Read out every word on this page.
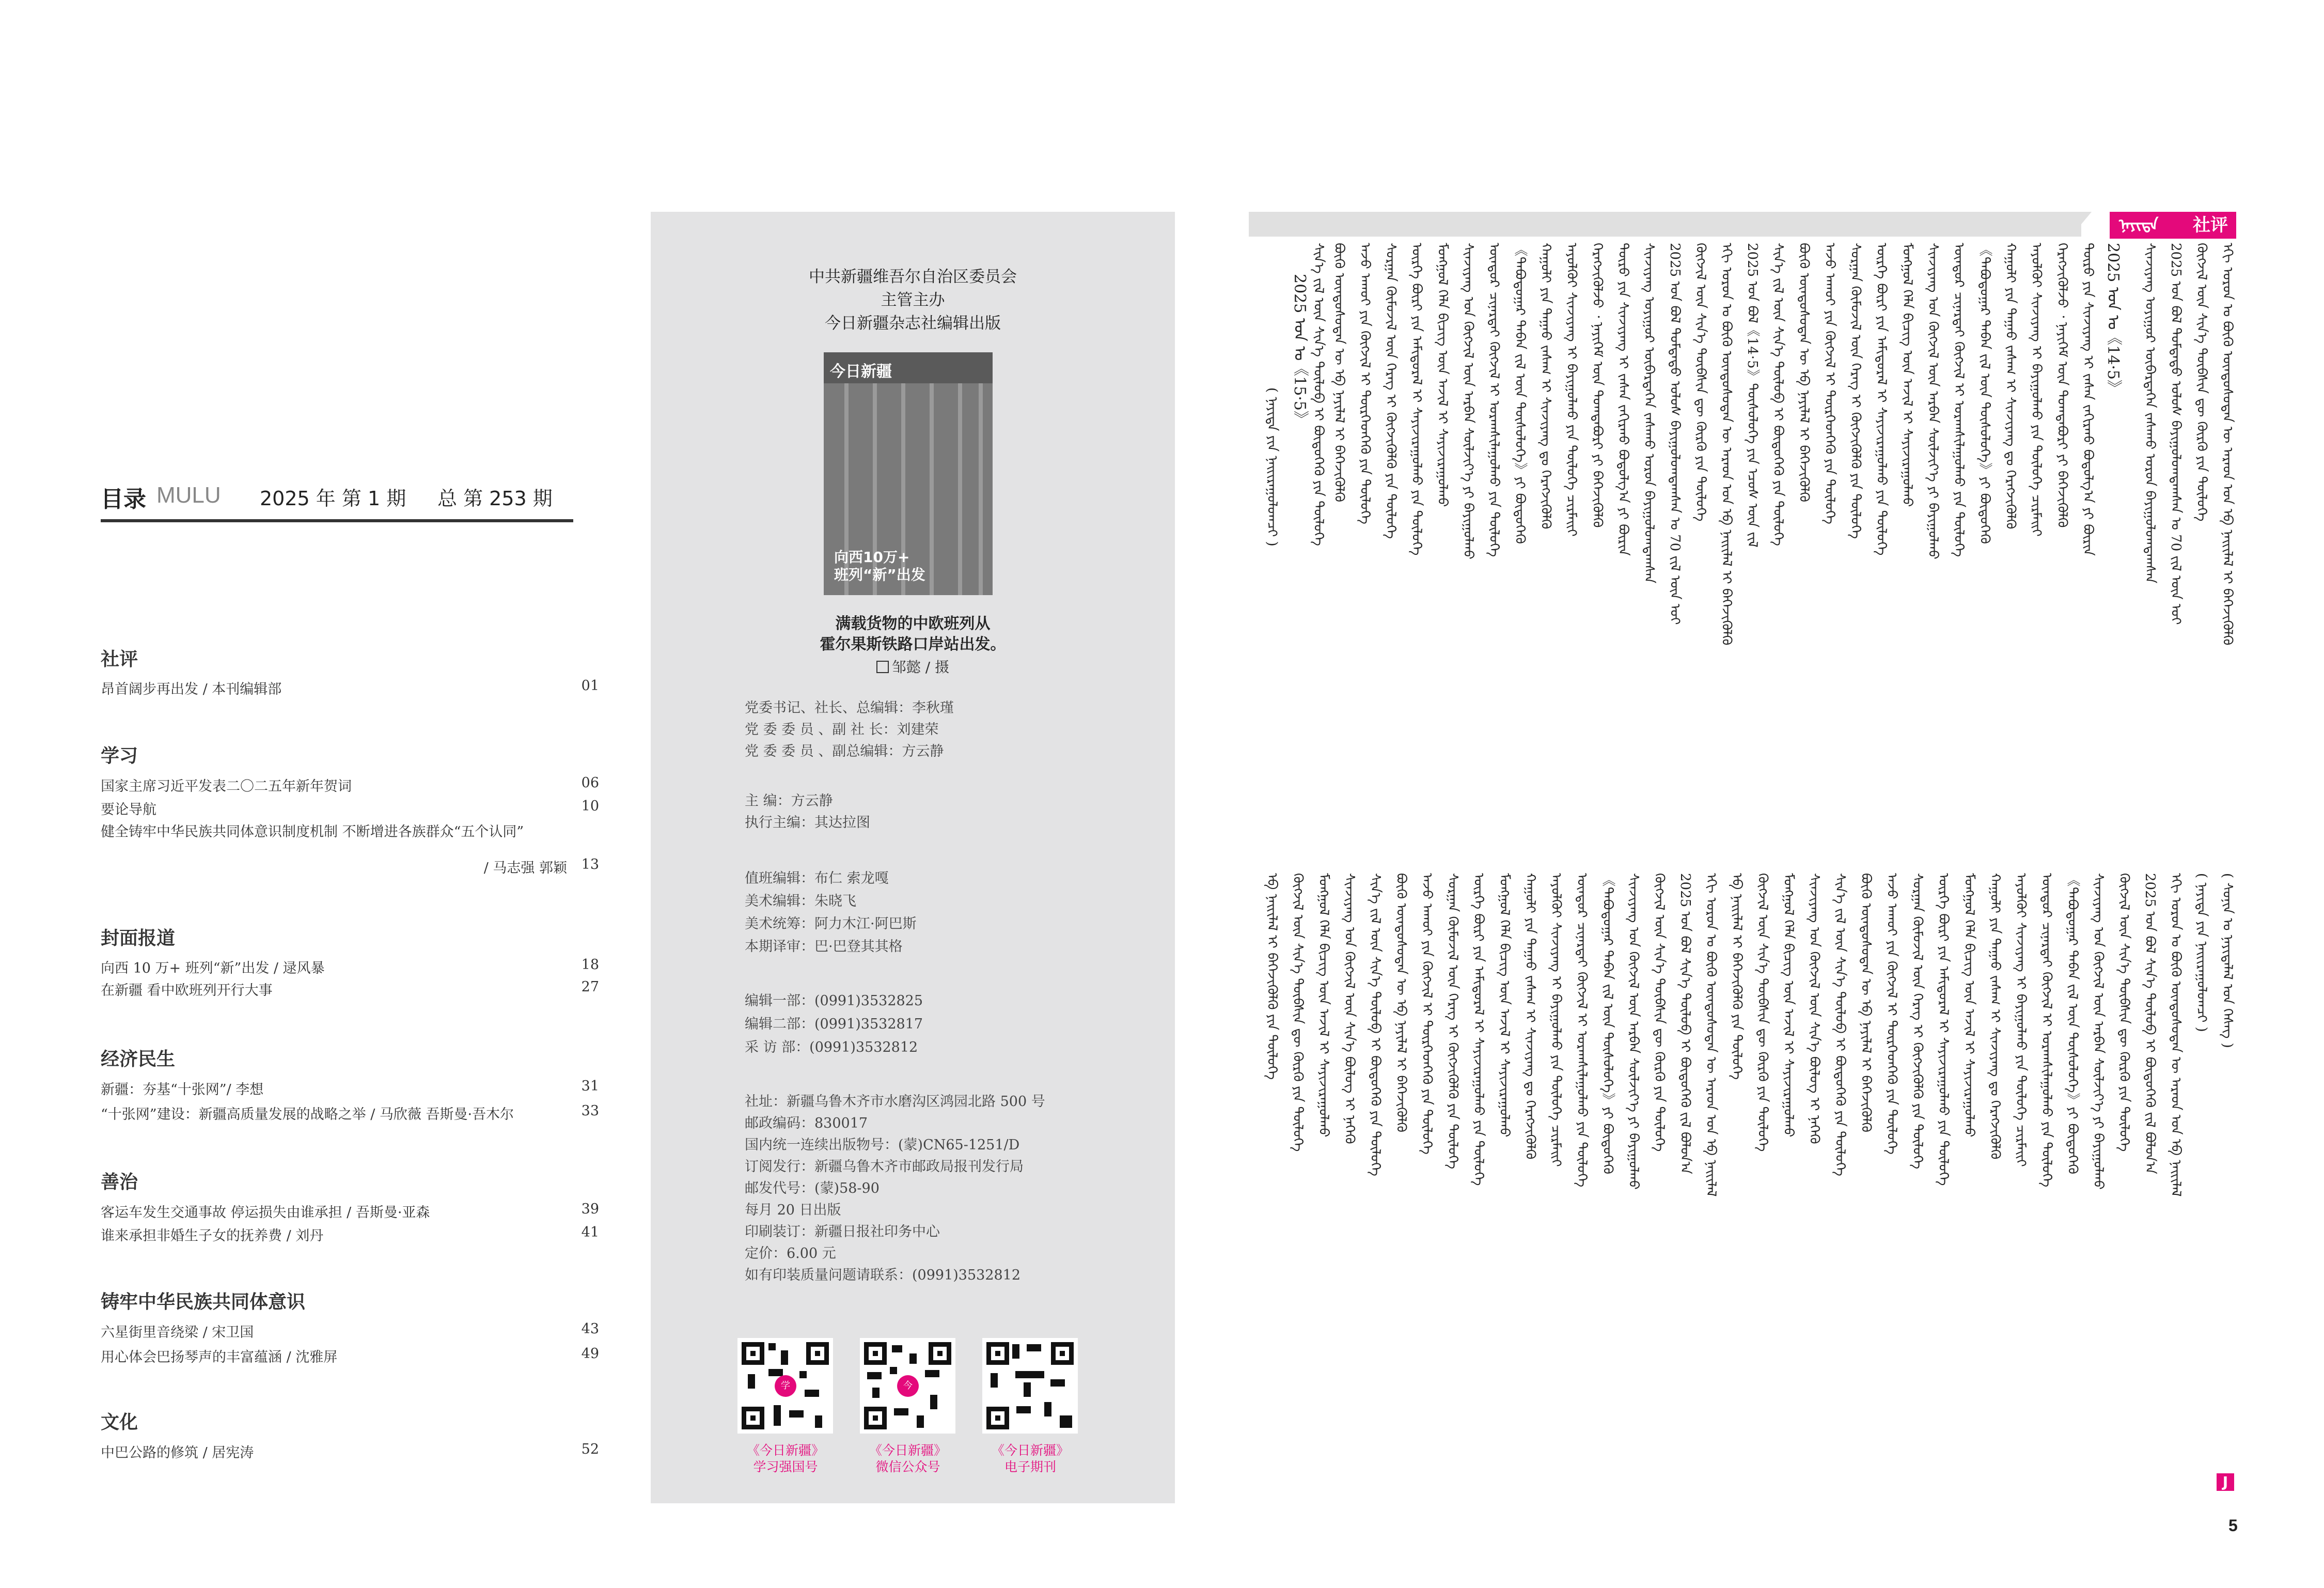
目录 MULU 2025 年 第 1 期 总 第 253 期
社评
昂首阔步再出发 / 本刊编辑部	01
学习
国家主席习近平发表二〇二五年新年贺词	06
要论导航	10
健全铸牢中华民族共同体意识制度机制 不断增进各族群众“五个认同”
/ 马志强 郭颖 13
封面报道
向西 10 万+ 班列“新”出发 / 逯风暴	18
在新疆 看中欧班列开行大事	27
经济民生
新疆：夯基“十张网”/ 李想	31
“十张网”建设：新疆高质量发展的战略之举 / 马欣薇 吾斯曼·吾木尔	33
善治
客运车发生交通事故 停运损失由谁承担 / 吾斯曼·亚森	39
谁来承担非婚生子女的抚养费 / 刘丹	41
铸牢中华民族共同体意识
六星街里音绕梁 / 宋卫国	43
用心体会巴扬琴声的丰富蕴涵 / 沈雅屏	49
文化
中巴公路的修筑 / 居宪涛	52
中共新疆维吾尔自治区委员会
主管主办
今日新疆杂志社编辑出版
今日新疆
向西10万+
班列“新”出发
满载货物的中欧班列从
霍尔果斯铁路口岸站出发。
邹懿 / 摄
党委书记、社长、总编辑：李秋瑾
党 委 委 员 、副 社 长：刘建荣
党 委 委 员 、副总编辑：方云静
主 编：方云静
执行主编：其达拉图
值班编辑：布仁 索龙嘎
美术编辑：朱晓飞
美术统筹：阿力木江·阿巴斯
本期译审：巴·巴登其其格
编辑一部：(0991)3532825
编辑二部：(0991)3532817
采 访 部：(0991)3532812
社址：新疆乌鲁木齐市水磨沟区鸿园北路 500 号
邮政编码：830017
国内统一连续出版物号：(蒙)CN65-1251/D
订阅发行：新疆乌鲁木齐市邮政局报刊发行局
邮发代号：(蒙)58-90
每月 20 日出版
印刷装订：新疆日报社印务中心
定价：6.00 元
如有印装质量问题请联系：(0991)3532812
学	今
《今日新疆》
学习强国号
《今日新疆》
微信公众号
《今日新疆》
电子期刊
ᠨᠡᠶᠢᠲᠡ 社评
ᠡᠬᠢ ᠣᠷᠣᠨ ᠤ ᠪᠦᠬᠦ ᠦᠨᠳᠦᠰᠦᠲᠡᠨ ᠦ ᠠᠷᠠᠳ ᠤᠨ ᠡᠪ ᠨᠡᠢᠢᠯᠡᠯ ᠢ ᠪᠡᠬᠡᠵᠢᠭᠦᠯᠬᠦ
ᠬᠥᠭᠵᠢᠯ ᠦᠨ ᠰᠢᠨ᠎ᠡ ᠲᠦᠪᠰᠢᠨ ᠳᠦ ᠬᠦᠷᠬᠦ ᠶᠢᠨ ᠲᠥᠯᠥᠭᠡ
2025 ᠣᠨ ᠤ《14·5》	2025 ᠣᠨ ᠪᠣᠯ ᠳᠤᠮᠳᠠᠳᠤ ᠤᠯᠤᠰ ᠪᠠᠶᠢᠭᠤᠯᠤᠭᠳᠠᠭᠰᠠᠨ ᠤ 70 ᠵᠢᠯ ᠦᠨ ᠣᠢ
ᠰᠢᠨᠵᠢᠶᠠᠩ ᠤᠶᠢᠭᠤᠷ ᠥᠪᠡᠷᠲᠡᠭᠡᠨ ᠵᠠᠰᠠᠬᠤ ᠣᠷᠣᠨ ᠪᠠᠶᠢᠭᠤᠯᠤᠭᠳᠠᠭᠰᠠᠨ
ᠲᠥᠷᠦ ᠶᠢᠨ ᠰᠢᠨᠵᠢᠶᠠᠩ ᠢ ᠵᠠᠰᠠᠨ ᠵᠠᠬᠢᠷᠬᠤ ᠪᠣᠳᠤᠯᠭ᠎ᠠ ᠶᠢ ᠪᠦᠷᠢᠨ
ᠬᠡᠷᠡᠭᠵᠢᠭᠦᠯᠵᠦ ᠂ ᠨᠡᠶᠢᠭᠡᠮ ᠦᠨ ᠲᠣᠭᠲᠠᠪᠤᠷᠢ ᠶᠢ ᠪᠡᠬᠡᠵᠢᠭᠦᠯᠬᠦ
ᠠᠶᠤᠯᠭᠦᠢ ᠰᠢᠨᠵᠢᠶᠠᠩ ᠢ ᠪᠠᠶᠢᠭᠤᠯᠬᠤ ᠶᠢᠨ ᠲᠥᠯᠥᠭᠡ ᠴᠢᠷᠮᠠᠢᠢ
ᠬᠠᠭᠤᠯᠢ ᠶᠢᠨ ᠳᠠᠭᠠᠤ ᠵᠠᠰᠠᠭ ᠢ ᠰᠢᠨᠵᠢᠶᠠᠩ ᠳᠤ ᠬᠡᠷᠡᠭᠵᠢᠭᠦᠯᠬᠦ
《ᠲᠠᠪᠤᠳᠤᠭᠠᠷ ᠲᠠᠪᠠᠨ ᠵᠢᠯ ᠦᠨ ᠲᠥᠰᠦᠯᠦᠭᠡ》ᠶᠢ ᠪᠦᠲᠦᠭᠡᠬᠦ
ᠥᠨᠳᠦᠷ ᠴᠢᠨᠠᠷᠲᠠᠢ ᠬᠥᠭᠵᠢᠯ ᠢ ᠤᠷᠠᠭᠰᠢᠯᠠᠭᠤᠯᠬᠤ ᠶᠢᠨ ᠲᠥᠯᠥᠭᠡ
ᠰᠢᠨᠵᠢᠶᠠᠩ ᠤᠨ ᠬᠥᠭᠵᠢᠯ ᠦᠨ ᠠᠷᠪᠠᠨ ᠰᠦᠯᠵᠢᠶ᠎ᠡ ᠶᠢ ᠪᠠᠶᠢᠭᠤᠯᠬᠤ
ᠮᠣᠩᠭᠣᠯ ᠬᠡᠯᠡ ᠪᠢᠴᠢᠭ ᠦᠨ ᠠᠵᠢᠯ ᠢ ᠰᠠᠶᠢᠵᠢᠷᠠᠭᠤᠯᠬᠤ
ᠥᠷᠬᠡ ᠪᠦᠷᠢ ᠶᠢᠨ ᠠᠮᠢᠳᠤᠷᠠᠯ ᠢ ᠰᠠᠶᠢᠵᠢᠷᠠᠭᠤᠯᠬᠤ ᠶᠢᠨ ᠲᠥᠯᠥᠭᠡ
ᠰᠤᠷᠭᠠᠨ ᠬᠦᠮᠦᠵᠢᠯ ᠦᠨ ᠬᠡᠷᠡᠭ ᠢ ᠬᠥᠭᠵᠢᠭᠦᠯᠬᠦ ᠶᠢᠨ ᠲᠥᠯᠥᠭᠡ
ᠠᠵᠤ ᠠᠬᠤᠢ ᠶᠢᠨ ᠬᠥᠭᠵᠢᠯ ᠢ ᠲᠦᠷᠭᠡᠳᠬᠡᠬᠦ ᠶᠢᠨ ᠲᠥᠯᠥᠭᠡ
ᠪᠦᠬᠦ ᠦᠨᠳᠦᠰᠦᠲᠡᠨ ᠦ ᠡᠪ ᠨᠡᠶᠢᠯᠡᠯ ᠢ ᠪᠡᠬᠡᠵᠢᠭᠦᠯᠬᠦ
ᠰᠢᠨ᠎ᠡ ᠵᠢᠯ ᠦᠨ ᠰᠢᠨ᠎ᠡ ᠲᠥᠯᠥᠪ ᠢ ᠪᠦᠲᠦᠭᠡᠬᠦ ᠶᠢᠨ ᠲᠥᠯᠥᠭᠡ
2025 ᠣᠨ ᠪᠣᠯ《14·5》ᠲᠥᠰᠦᠯᠦᠭᠡ ᠶᠢᠨ ᠡᠴᠦᠰ ᠦᠨ ᠵᠢᠯ
ᠡᠬᠢ ᠣᠷᠣᠨ ᠤ ᠪᠦᠬᠦ ᠦᠨᠳᠦᠰᠦᠲᠡᠨ ᠦ ᠠᠷᠠᠳ ᠤᠨ ᠡᠪ ᠨᠡᠢᠢᠯᠡᠯ ᠢ ᠪᠡᠬᠡᠵᠢᠭᠦᠯᠬᠦ
ᠬᠥᠭᠵᠢᠯ ᠦᠨ ᠰᠢᠨ᠎ᠡ ᠲᠦᠪᠰᠢᠨ ᠳᠦ ᠬᠦᠷᠬᠦ ᠶᠢᠨ ᠲᠥᠯᠥᠭᠡ
2025 ᠣᠨ ᠪᠣᠯ ᠳᠤᠮᠳᠠᠳᠤ ᠤᠯᠤᠰ ᠪᠠᠶᠢᠭᠤᠯᠤᠭᠳᠠᠭᠰᠠᠨ ᠤ 70 ᠵᠢᠯ ᠦᠨ ᠣᠢ
ᠰᠢᠨᠵᠢᠶᠠᠩ ᠤᠶᠢᠭᠤᠷ ᠥᠪᠡᠷᠲᠡᠭᠡᠨ ᠵᠠᠰᠠᠬᠤ ᠣᠷᠣᠨ ᠪᠠᠶᠢᠭᠤᠯᠤᠭᠳᠠᠭᠰᠠᠨ
ᠲᠥᠷᠦ ᠶᠢᠨ ᠰᠢᠨᠵᠢᠶᠠᠩ ᠢ ᠵᠠᠰᠠᠨ ᠵᠠᠬᠢᠷᠬᠤ ᠪᠣᠳᠤᠯᠭ᠎ᠠ ᠶᠢ ᠪᠦᠷᠢᠨ
ᠬᠡᠷᠡᠭᠵᠢᠭᠦᠯᠵᠦ ᠂ ᠨᠡᠶᠢᠭᠡᠮ ᠦᠨ ᠲᠣᠭᠲᠠᠪᠤᠷᠢ ᠶᠢ ᠪᠡᠬᠡᠵᠢᠭᠦᠯᠬᠦ
ᠠᠶᠤᠯᠭᠦᠢ ᠰᠢᠨᠵᠢᠶᠠᠩ ᠢ ᠪᠠᠶᠢᠭᠤᠯᠬᠤ ᠶᠢᠨ ᠲᠥᠯᠥᠭᠡ ᠴᠢᠷᠮᠠᠢᠢ
ᠬᠠᠭᠤᠯᠢ ᠶᠢᠨ ᠳᠠᠭᠠᠤ ᠵᠠᠰᠠᠭ ᠢ ᠰᠢᠨᠵᠢᠶᠠᠩ ᠳᠤ ᠬᠡᠷᠡᠭᠵᠢᠭᠦᠯᠬᠦ
《ᠲᠠᠪᠤᠳᠤᠭᠠᠷ ᠲᠠᠪᠠᠨ ᠵᠢᠯ ᠦᠨ ᠲᠥᠰᠦᠯᠦᠭᠡ》ᠶᠢ ᠪᠦᠲᠦᠭᠡᠬᠦ
ᠥᠨᠳᠦᠷ ᠴᠢᠨᠠᠷᠲᠠᠢ ᠬᠥᠭᠵᠢᠯ ᠢ ᠤᠷᠠᠭᠰᠢᠯᠠᠭᠤᠯᠬᠤ ᠶᠢᠨ ᠲᠥᠯᠥᠭᠡ
ᠰᠢᠨᠵᠢᠶᠠᠩ ᠤᠨ ᠬᠥᠭᠵᠢᠯ ᠦᠨ ᠠᠷᠪᠠᠨ ᠰᠦᠯᠵᠢᠶ᠎ᠡ ᠶᠢ ᠪᠠᠶᠢᠭᠤᠯᠬᠤ
ᠮᠣᠩᠭᠣᠯ ᠬᠡᠯᠡ ᠪᠢᠴᠢᠭ ᠦᠨ ᠠᠵᠢᠯ ᠢ ᠰᠠᠶᠢᠵᠢᠷᠠᠭᠤᠯᠬᠤ
ᠥᠷᠬᠡ ᠪᠦᠷᠢ ᠶᠢᠨ ᠠᠮᠢᠳᠤᠷᠠᠯ ᠢ ᠰᠠᠶᠢᠵᠢᠷᠠᠭᠤᠯᠬᠤ ᠶᠢᠨ ᠲᠥᠯᠥᠭᠡ
ᠰᠤᠷᠭᠠᠨ ᠬᠦᠮᠦᠵᠢᠯ ᠦᠨ ᠬᠡᠷᠡᠭ ᠢ ᠬᠥᠭᠵᠢᠭᠦᠯᠬᠦ ᠶᠢᠨ ᠲᠥᠯᠥᠭᠡ
ᠠᠵᠤ ᠠᠬᠤᠢ ᠶᠢᠨ ᠬᠥᠭᠵᠢᠯ ᠢ ᠲᠦᠷᠭᠡᠳᠬᠡᠬᠦ ᠶᠢᠨ ᠲᠥᠯᠥᠭᠡ
2025 ᠣᠨ ᠤ《15·5》	ᠪᠦᠬᠦ ᠦᠨᠳᠦᠰᠦᠲᠡᠨ ᠦ ᠡᠪ ᠨᠡᠶᠢᠯᠡᠯ ᠢ ᠪᠡᠬᠡᠵᠢᠭᠦᠯᠬᠦ
ᠰᠢᠨ᠎ᠡ ᠵᠢᠯ ᠦᠨ ᠰᠢᠨ᠎ᠡ ᠲᠥᠯᠥᠪ ᠢ ᠪᠦᠲᠦᠭᠡᠬᠦ ᠶᠢᠨ ᠲᠥᠯᠥᠭᠡ
( ᠨᠡᠶᠢᠲᠡ ᠶᠢᠨ ᠨᠠᠢᠢᠷᠠᠭᠤᠯᠤᠭᠴᠢ )
( ᠰᠣᠨᠢᠨ ᠤ ᠨᠡᠶᠢᠲᠡᠯᠡᠯ ᠤᠨ ᠬᠡᠰᠡᠭ )
( ᠨᠡᠶᠢᠲᠡ ᠶᠢᠨ ᠨᠠᠢᠢᠷᠠᠭᠤᠯᠤᠭᠴᠢ )
ᠡᠬᠢ ᠣᠷᠣᠨ ᠤ ᠪᠦᠬᠦ ᠦᠨᠳᠦᠰᠦᠲᠡᠨ ᠦ ᠠᠷᠠᠳ ᠤᠨ ᠡᠪ ᠨᠡᠢᠢᠯᠡᠯ
2025 ᠣᠨ ᠪᠣᠯ ᠰᠢᠨ᠎ᠡ ᠲᠥᠯᠥᠪ ᠢ ᠪᠦᠲᠦᠭᠡᠬᠦ ᠵᠢᠯ ᠪᠣᠯᠤᠨ᠎ᠠ
ᠬᠥᠭᠵᠢᠯ ᠦᠨ ᠰᠢᠨ᠎ᠡ ᠲᠦᠪᠰᠢᠨ ᠳᠦ ᠬᠦᠷᠬᠦ ᠶᠢᠨ ᠲᠥᠯᠥᠭᠡ
ᠰᠢᠨᠵᠢᠶᠠᠩ ᠤᠨ ᠬᠥᠭᠵᠢᠯ ᠦᠨ ᠠᠷᠪᠠᠨ ᠰᠦᠯᠵᠢᠶ᠎ᠡ ᠶᠢ ᠪᠠᠶᠢᠭᠤᠯᠬᠤ
《ᠲᠠᠪᠤᠳᠤᠭᠠᠷ ᠲᠠᠪᠠᠨ ᠵᠢᠯ ᠦᠨ ᠲᠥᠰᠦᠯᠦᠭᠡ》ᠶᠢ ᠪᠦᠲᠦᠭᠡᠬᠦ
ᠥᠨᠳᠦᠷ ᠴᠢᠨᠠᠷᠲᠠᠢ ᠬᠥᠭᠵᠢᠯ ᠢ ᠤᠷᠠᠭᠰᠢᠯᠠᠭᠤᠯᠬᠤ ᠶᠢᠨ ᠲᠥᠯᠥᠭᠡ
ᠠᠶᠤᠯᠭᠦᠢ ᠰᠢᠨᠵᠢᠶᠠᠩ ᠢ ᠪᠠᠶᠢᠭᠤᠯᠬᠤ ᠶᠢᠨ ᠲᠥᠯᠥᠭᠡ ᠴᠢᠷᠮᠠᠢᠢ
ᠬᠠᠭᠤᠯᠢ ᠶᠢᠨ ᠳᠠᠭᠠᠤ ᠵᠠᠰᠠᠭ ᠢ ᠰᠢᠨᠵᠢᠶᠠᠩ ᠳᠤ ᠬᠡᠷᠡᠭᠵᠢᠭᠦᠯᠬᠦ
ᠮᠣᠩᠭᠣᠯ ᠬᠡᠯᠡ ᠪᠢᠴᠢᠭ ᠦᠨ ᠠᠵᠢᠯ ᠢ ᠰᠠᠶᠢᠵᠢᠷᠠᠭᠤᠯᠬᠤ
ᠥᠷᠬᠡ ᠪᠦᠷᠢ ᠶᠢᠨ ᠠᠮᠢᠳᠤᠷᠠᠯ ᠢ ᠰᠠᠶᠢᠵᠢᠷᠠᠭᠤᠯᠬᠤ ᠶᠢᠨ ᠲᠥᠯᠥᠭᠡ
ᠰᠤᠷᠭᠠᠨ ᠬᠦᠮᠦᠵᠢᠯ ᠦᠨ ᠬᠡᠷᠡᠭ ᠢ ᠬᠥᠭᠵᠢᠭᠦᠯᠬᠦ ᠶᠢᠨ ᠲᠥᠯᠥᠭᠡ
ᠠᠵᠤ ᠠᠬᠤᠢ ᠶᠢᠨ ᠬᠥᠭᠵᠢᠯ ᠢ ᠲᠦᠷᠭᠡᠳᠬᠡᠬᠦ ᠶᠢᠨ ᠲᠥᠯᠥᠭᠡ
ᠪᠦᠬᠦ ᠦᠨᠳᠦᠰᠦᠲᠡᠨ ᠦ ᠡᠪ ᠨᠡᠶᠢᠯᠡᠯ ᠢ ᠪᠡᠬᠡᠵᠢᠭᠦᠯᠬᠦ
ᠰᠢᠨ᠎ᠡ ᠵᠢᠯ ᠦᠨ ᠰᠢᠨ᠎ᠡ ᠲᠥᠯᠥᠪ ᠢ ᠪᠦᠲᠦᠭᠡᠬᠦ ᠶᠢᠨ ᠲᠥᠯᠥᠭᠡ
ᠰᠢᠨᠵᠢᠶᠠᠩ ᠤᠨ ᠬᠥᠭᠵᠢᠯ ᠦᠨ ᠰᠢᠨ᠎ᠡ ᠪᠦᠯᠦᠭ ᠢ ᠨᠡᠬᠡᠬᠦ
ᠮᠣᠩᠭᠣᠯ ᠬᠡᠯᠡ ᠪᠢᠴᠢᠭ ᠦᠨ ᠠᠵᠢᠯ ᠢ ᠰᠠᠶᠢᠵᠢᠷᠠᠭᠤᠯᠬᠤ
ᠬᠥᠭᠵᠢᠯ ᠦᠨ ᠰᠢᠨ᠎ᠡ ᠲᠦᠪᠰᠢᠨ ᠳᠦ ᠬᠦᠷᠬᠦ ᠶᠢᠨ ᠲᠥᠯᠥᠭᠡ
ᠡᠪ ᠨᠡᠢᠢᠯᠡᠯ ᠢ ᠪᠡᠬᠡᠵᠢᠭᠦᠯᠬᠦ ᠶᠢᠨ ᠲᠥᠯᠥᠭᠡ
ᠡᠬᠢ ᠣᠷᠣᠨ ᠤ ᠪᠦᠬᠦ ᠦᠨᠳᠦᠰᠦᠲᠡᠨ ᠦ ᠠᠷᠠᠳ ᠤᠨ ᠡᠪ ᠨᠡᠢᠢᠯᠡᠯ
2025 ᠣᠨ ᠪᠣᠯ ᠰᠢᠨ᠎ᠡ ᠲᠥᠯᠥᠪ ᠢ ᠪᠦᠲᠦᠭᠡᠬᠦ ᠵᠢᠯ ᠪᠣᠯᠤᠨ᠎ᠠ
ᠬᠥᠭᠵᠢᠯ ᠦᠨ ᠰᠢᠨ᠎ᠡ ᠲᠦᠪᠰᠢᠨ ᠳᠦ ᠬᠦᠷᠬᠦ ᠶᠢᠨ ᠲᠥᠯᠥᠭᠡ
ᠰᠢᠨᠵᠢᠶᠠᠩ ᠤᠨ ᠬᠥᠭᠵᠢᠯ ᠦᠨ ᠠᠷᠪᠠᠨ ᠰᠦᠯᠵᠢᠶ᠎ᠡ ᠶᠢ ᠪᠠᠶᠢᠭᠤᠯᠬᠤ
《ᠲᠠᠪᠤᠳᠤᠭᠠᠷ ᠲᠠᠪᠠᠨ ᠵᠢᠯ ᠦᠨ ᠲᠥᠰᠦᠯᠦᠭᠡ》ᠶᠢ ᠪᠦᠲᠦᠭᠡᠬᠦ
ᠥᠨᠳᠦᠷ ᠴᠢᠨᠠᠷᠲᠠᠢ ᠬᠥᠭᠵᠢᠯ ᠢ ᠤᠷᠠᠭᠰᠢᠯᠠᠭᠤᠯᠬᠤ ᠶᠢᠨ ᠲᠥᠯᠥᠭᠡ
ᠠᠶᠤᠯᠭᠦᠢ ᠰᠢᠨᠵᠢᠶᠠᠩ ᠢ ᠪᠠᠶᠢᠭᠤᠯᠬᠤ ᠶᠢᠨ ᠲᠥᠯᠥᠭᠡ ᠴᠢᠷᠮᠠᠢᠢ
ᠬᠠᠭᠤᠯᠢ ᠶᠢᠨ ᠳᠠᠭᠠᠤ ᠵᠠᠰᠠᠭ ᠢ ᠰᠢᠨᠵᠢᠶᠠᠩ ᠳᠤ ᠬᠡᠷᠡᠭᠵᠢᠭᠦᠯᠬᠦ
ᠮᠣᠩᠭᠣᠯ ᠬᠡᠯᠡ ᠪᠢᠴᠢᠭ ᠦᠨ ᠠᠵᠢᠯ ᠢ ᠰᠠᠶᠢᠵᠢᠷᠠᠭᠤᠯᠬᠤ
ᠥᠷᠬᠡ ᠪᠦᠷᠢ ᠶᠢᠨ ᠠᠮᠢᠳᠤᠷᠠᠯ ᠢ ᠰᠠᠶᠢᠵᠢᠷᠠᠭᠤᠯᠬᠤ ᠶᠢᠨ ᠲᠥᠯᠥᠭᠡ
ᠰᠤᠷᠭᠠᠨ ᠬᠦᠮᠦᠵᠢᠯ ᠦᠨ ᠬᠡᠷᠡᠭ ᠢ ᠬᠥᠭᠵᠢᠭᠦᠯᠬᠦ ᠶᠢᠨ ᠲᠥᠯᠥᠭᠡ
ᠠᠵᠤ ᠠᠬᠤᠢ ᠶᠢᠨ ᠬᠥᠭᠵᠢᠯ ᠢ ᠲᠦᠷᠭᠡᠳᠬᠡᠬᠦ ᠶᠢᠨ ᠲᠥᠯᠥᠭᠡ
ᠪᠦᠬᠦ ᠦᠨᠳᠦᠰᠦᠲᠡᠨ ᠦ ᠡᠪ ᠨᠡᠶᠢᠯᠡᠯ ᠢ ᠪᠡᠬᠡᠵᠢᠭᠦᠯᠬᠦ
ᠰᠢᠨ᠎ᠡ ᠵᠢᠯ ᠦᠨ ᠰᠢᠨ᠎ᠡ ᠲᠥᠯᠥᠪ ᠢ ᠪᠦᠲᠦᠭᠡᠬᠦ ᠶᠢᠨ ᠲᠥᠯᠥᠭᠡ
ᠰᠢᠨᠵᠢᠶᠠᠩ ᠤᠨ ᠬᠥᠭᠵᠢᠯ ᠦᠨ ᠰᠢᠨ᠎ᠡ ᠪᠦᠯᠦᠭ ᠢ ᠨᠡᠬᠡᠬᠦ
ᠮᠣᠩᠭᠣᠯ ᠬᠡᠯᠡ ᠪᠢᠴᠢᠭ ᠦᠨ ᠠᠵᠢᠯ ᠢ ᠰᠠᠶᠢᠵᠢᠷᠠᠭᠤᠯᠬᠤ
ᠬᠥᠭᠵᠢᠯ ᠦᠨ ᠰᠢᠨ᠎ᠡ ᠲᠦᠪᠰᠢᠨ ᠳᠦ ᠬᠦᠷᠬᠦ ᠶᠢᠨ ᠲᠥᠯᠥᠭᠡ
ᠡᠪ ᠨᠡᠢᠢᠯᠡᠯ ᠢ ᠪᠡᠬᠡᠵᠢᠭᠦᠯᠬᠦ ᠶᠢᠨ ᠲᠥᠯᠥᠭᠡ
J
5
